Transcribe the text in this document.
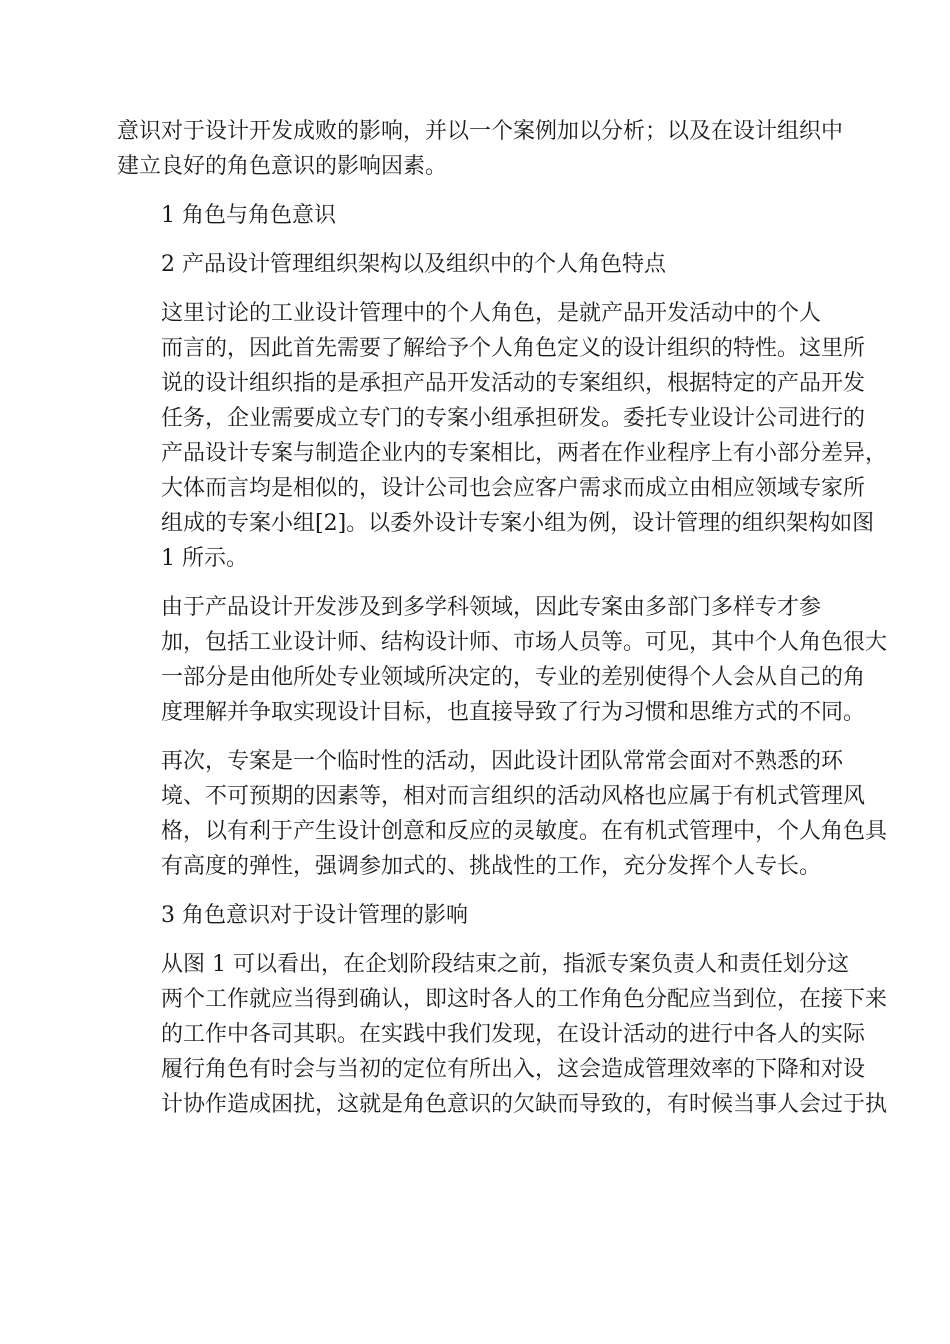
意识对于设计开发成败的影响，并以一个案例加以分析；以及在设计组织中
建立良好的角色意识的影响因素。
1 角色与角色意识
2 产品设计管理组织架构以及组织中的个人角色特点
这里讨论的工业设计管理中的个人角色，是就产品开发活动中的个人
而言的，因此首先需要了解给予个人角色定义的设计组织的特性。这里所
说的设计组织指的是承担产品开发活动的专案组织，根据特定的产品开发
任务，企业需要成立专门的专案小组承担研发。委托专业设计公司进行的
产品设计专案与制造企业内的专案相比，两者在作业程序上有小部分差异，
大体而言均是相似的，设计公司也会应客户需求而成立由相应领域专家所
组成的专案小组[2]。以委外设计专案小组为例，设计管理的组织架构如图
1 所示。
由于产品设计开发涉及到多学科领域，因此专案由多部门多样专才参
加，包括工业设计师、结构设计师、市场人员等。可见，其中个人角色很大
一部分是由他所处专业领域所决定的，专业的差别使得个人会从自己的角
度理解并争取实现设计目标，也直接导致了行为习惯和思维方式的不同。
再次，专案是一个临时性的活动，因此设计团队常常会面对不熟悉的环
境、不可预期的因素等，相对而言组织的活动风格也应属于有机式管理风
格，以有利于产生设计创意和反应的灵敏度。在有机式管理中，个人角色具
有高度的弹性，强调参加式的、挑战性的工作，充分发挥个人专长。
3 角色意识对于设计管理的影响
从图 1 可以看出，在企划阶段结束之前，指派专案负责人和责任划分这
两个工作就应当得到确认，即这时各人的工作角色分配应当到位，在接下来
的工作中各司其职。在实践中我们发现，在设计活动的进行中各人的实际
履行角色有时会与当初的定位有所出入，这会造成管理效率的下降和对设
计协作造成困扰，这就是角色意识的欠缺而导致的，有时候当事人会过于执
